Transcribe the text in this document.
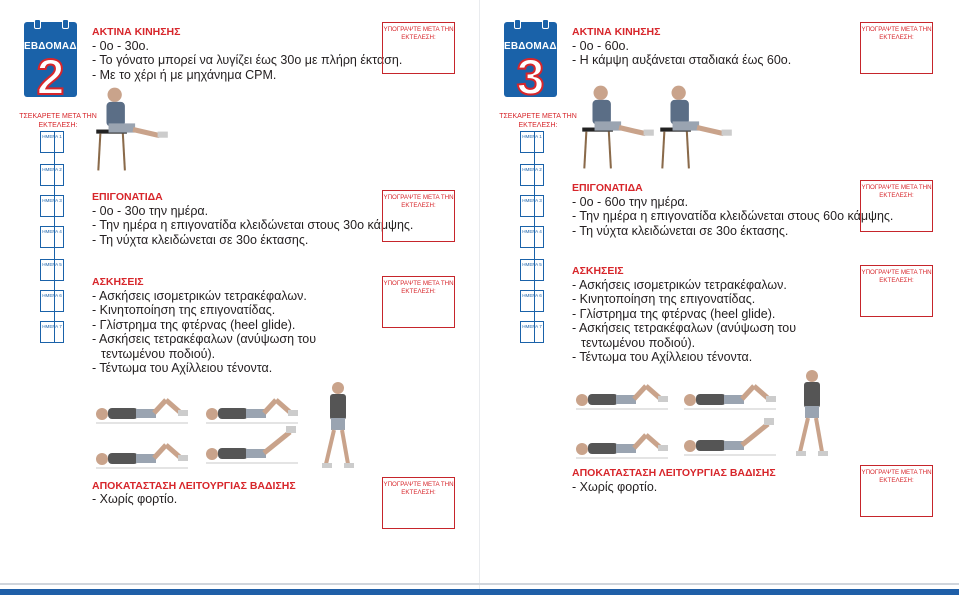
ΕΒΔΟΜΑΔΑ
2
ΑΚΤΙΝΑ ΚΙΝΗΣΗΣ
- 0ο - 30ο.
- Το γόνατο μπορεί να λυγίζει έως 30ο με πλήρη έκταση.
- Με το χέρι ή με μηχάνημα CPM.
ΤΣΕΚΑΡΕΤΕ ΜΕΤΑ ΤΗΝ ΕΚΤΕΛΕΣΗ:
ΗΜΕΡΑ 1
ΗΜΕΡΑ 2
ΗΜΕΡΑ 3
ΗΜΕΡΑ 4
ΗΜΕΡΑ 5
ΗΜΕΡΑ 6
ΗΜΕΡΑ 7
ΥΠΟΓΡΑΨΤΕ ΜΕΤΑ ΤΗΝ ΕΚΤΕΛΕΣΗ:
ΕΠΙΓΟΝΑΤΙΔΑ
- 0ο - 30ο την ημέρα.
- Την ημέρα η επιγονατίδα κλειδώνεται στους 30ο κάμψης.
- Τη νύχτα κλειδώνεται σε 30ο έκτασης.
ΥΠΟΓΡΑΨΤΕ ΜΕΤΑ ΤΗΝ ΕΚΤΕΛΕΣΗ:
ΑΣΚΗΣΕΙΣ
- Ασκήσεις ισομετρικών τετρακέφαλων.
- Κινητοποίηση της επιγονατίδας.
- Γλίστρημα της φτέρνας (heel glide).
- Ασκήσεις τετρακέφαλων (ανύψωση του
τεντωμένου ποδιού).
- Τέντωμα του Αχίλλειου τένοντα.
ΥΠΟΓΡΑΨΤΕ ΜΕΤΑ ΤΗΝ ΕΚΤΕΛΕΣΗ:
ΑΠΟΚΑΤΑΣΤΑΣΗ ΛΕΙΤΟΥΡΓΙΑΣ ΒΑΔΙΣΗΣ
- Χωρίς φορτίο.
ΥΠΟΓΡΑΨΤΕ ΜΕΤΑ ΤΗΝ ΕΚΤΕΛΕΣΗ:
ΕΒΔΟΜΑΔΑ
3
ΑΚΤΙΝΑ ΚΙΝΗΣΗΣ
- 0ο - 60ο.
- Η κάμψη αυξάνεται σταδιακά έως 60ο.
ΤΣΕΚΑΡΕΤΕ ΜΕΤΑ ΤΗΝ ΕΚΤΕΛΕΣΗ:
ΗΜΕΡΑ 1
ΗΜΕΡΑ 2
ΗΜΕΡΑ 3
ΗΜΕΡΑ 4
ΗΜΕΡΑ 5
ΗΜΕΡΑ 6
ΗΜΕΡΑ 7
ΥΠΟΓΡΑΨΤΕ ΜΕΤΑ ΤΗΝ ΕΚΤΕΛΕΣΗ:
ΕΠΙΓΟΝΑΤΙΔΑ
- 0ο - 60ο την ημέρα.
- Την ημέρα η επιγονατίδα κλειδώνεται στους 60ο κάμψης.
- Τη νύχτα κλειδώνεται σε 30ο έκτασης.
ΥΠΟΓΡΑΨΤΕ ΜΕΤΑ ΤΗΝ ΕΚΤΕΛΕΣΗ:
ΑΣΚΗΣΕΙΣ
- Ασκήσεις ισομετρικών τετρακέφαλων.
- Κινητοποίηση της επιγονατίδας.
- Γλίστρημα της φτέρνας (heel glide).
- Ασκήσεις τετρακέφαλων (ανύψωση του
τεντωμένου ποδιού).
- Τέντωμα του Αχίλλειου τένοντα.
ΥΠΟΓΡΑΨΤΕ ΜΕΤΑ ΤΗΝ ΕΚΤΕΛΕΣΗ:
ΑΠΟΚΑΤΑΣΤΑΣΗ ΛΕΙΤΟΥΡΓΙΑΣ ΒΑΔΙΣΗΣ
- Χωρίς φορτίο.
ΥΠΟΓΡΑΨΤΕ ΜΕΤΑ ΤΗΝ ΕΚΤΕΛΕΣΗ:
